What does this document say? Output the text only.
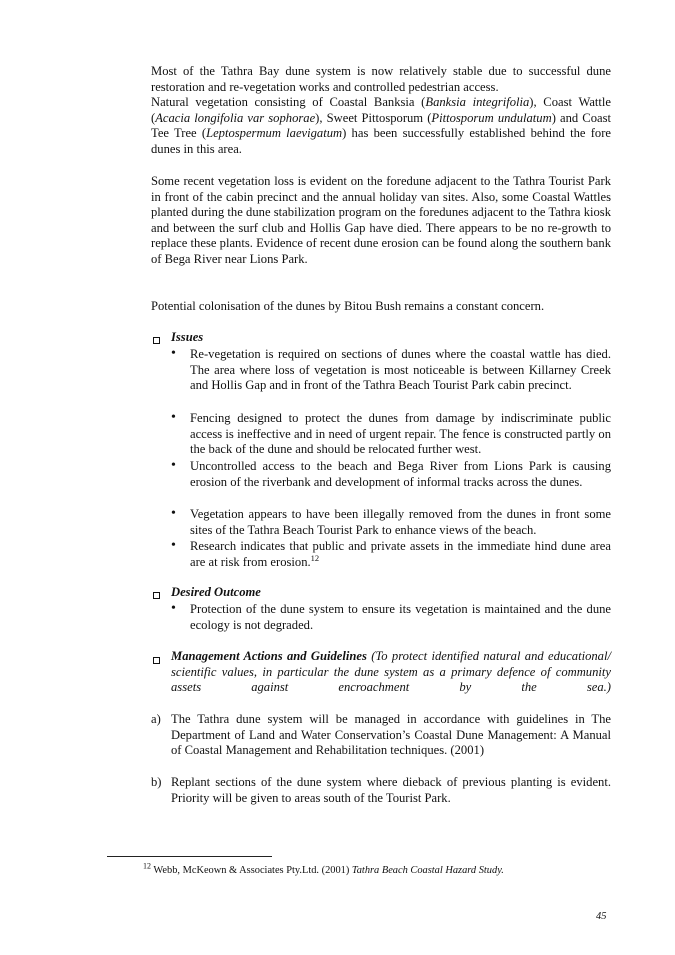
Most of the Tathra Bay dune system is now relatively stable due to successful dune restoration and re-vegetation works and controlled pedestrian access.
Natural vegetation consisting of Coastal Banksia (Banksia integrifolia), Coast Wattle (Acacia longifolia var sophorae), Sweet Pittosporum (Pittosporum undulatum) and Coast Tee Tree (Leptospermum laevigatum) has been successfully established behind the fore dunes in this area.
Some recent vegetation loss is evident on the foredune adjacent to the Tathra Tourist Park in front of the cabin precinct and the annual holiday van sites. Also, some Coastal Wattles planted during the dune stabilization program on the foredunes adjacent to the Tathra kiosk and between the surf club and Hollis Gap have died. There appears to be no re-growth to replace these plants. Evidence of recent dune erosion can be found along the southern bank of Bega River near Lions Park.
Potential colonisation of the dunes by Bitou Bush remains a constant concern.
Issues
• Re-vegetation is required on sections of dunes where the coastal wattle has died. The area where loss of vegetation is most noticeable is between Killarney Creek and Hollis Gap and in front of the Tathra Beach Tourist Park cabin precinct.
• Fencing designed to protect the dunes from damage by indiscriminate public access is ineffective and in need of urgent repair. The fence is constructed partly on the back of the dune and should be relocated further west.
• Uncontrolled access to the beach and Bega River from Lions Park is causing erosion of the riverbank and development of informal tracks across the dunes.
• Vegetation appears to have been illegally removed from the dunes in front some sites of the Tathra Beach Tourist Park to enhance views of the beach.
• Research indicates that public and private assets in the immediate hind dune area are at risk from erosion.$^{12}$
Desired Outcome
• Protection of the dune system to ensure its vegetation is maintained and the dune ecology is not degraded.
Management Actions and Guidelines (To protect identified natural and educational/ scientific values, in particular the dune system as a primary defence of community assets against encroachment by the sea.)
a) The Tathra dune system will be managed in accordance with guidelines in The Department of Land and Water Conservation’s Coastal Dune Management: A Manual of Coastal Management and Rehabilitation techniques. (2001)
b) Replant sections of the dune system where dieback of previous planting is evident. Priority will be given to areas south of the Tourist Park.
$^{12}$ Webb, McKeown & Associates Pty.Ltd. (2001) Tathra Beach Coastal Hazard Study.
45
